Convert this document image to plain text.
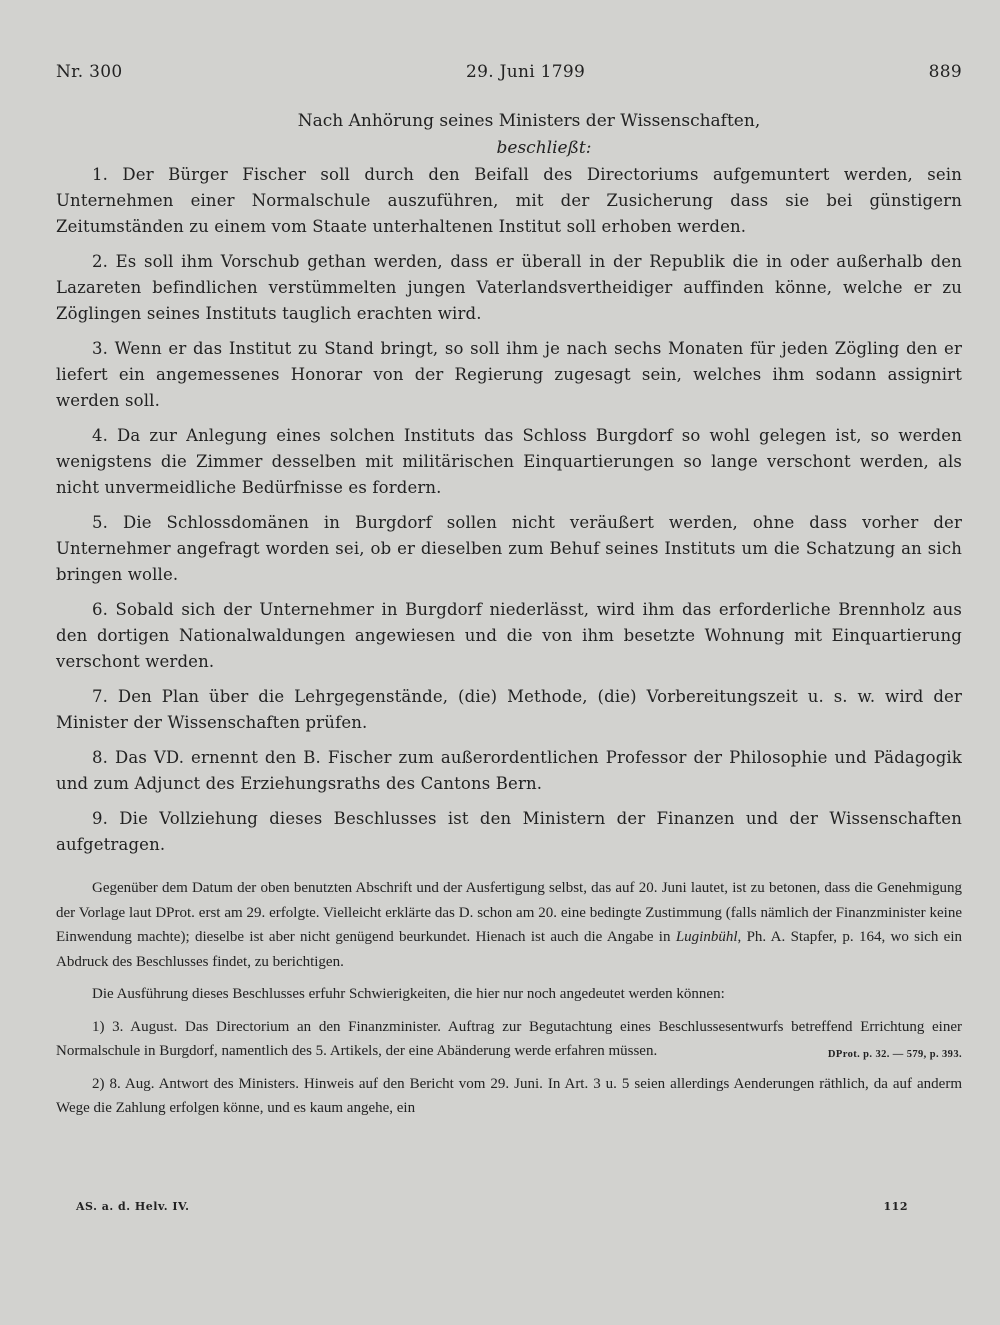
Nr. 300	29. Juni 1799	889
Nach Anhörung seines Ministers der Wissenschaften,
beschließt:

1. Der Bürger Fischer soll durch den Beifall des Directoriums aufgemuntert werden, sein Unternehmen einer Normalschule auszuführen, mit der Zusicherung dass sie bei günstigern Zeitumständen zu einem vom Staate unterhaltenen Institut soll erhoben werden.

2. Es soll ihm Vorschub gethan werden, dass er überall in der Republik die in oder außerhalb den Lazareten befindlichen verstümmelten jungen Vaterlandsvertheidiger auffinden könne, welche er zu Zöglingen seines Instituts tauglich erachten wird.

3. Wenn er das Institut zu Stand bringt, so soll ihm je nach sechs Monaten für jeden Zögling den er liefert ein angemessenes Honorar von der Regierung zugesagt sein, welches ihm sodann assignirt werden soll.

4. Da zur Anlegung eines solchen Instituts das Schloss Burgdorf so wohl gelegen ist, so werden wenigstens die Zimmer desselben mit militärischen Einquartierungen so lange verschont werden, als nicht unvermeidliche Bedürfnisse es fordern.

5. Die Schlossdomänen in Burgdorf sollen nicht veräußert werden, ohne dass vorher der Unternehmer angefragt worden sei, ob er dieselben zum Behuf seines Instituts um die Schatzung an sich bringen wolle.

6. Sobald sich der Unternehmer in Burgdorf niederlässt, wird ihm das erforderliche Brennholz aus den dortigen Nationalwaldungen angewiesen und die von ihm besetzte Wohnung mit Einquartierung verschont werden.

7. Den Plan über die Lehrgegenstände, (die) Methode, (die) Vorbereitungszeit u. s. w. wird der Minister der Wissenschaften prüfen.

8. Das VD. ernennt den B. Fischer zum außerordentlichen Professor der Philosophie und Pädagogik und zum Adjunct des Erziehungsraths des Cantons Bern.

9. Die Vollziehung dieses Beschlusses ist den Ministern der Finanzen und der Wissenschaften aufgetragen.

Gegenüber dem Datum der oben benutzten Abschrift und der Ausfertigung selbst, das auf 20. Juni lautet, ist zu betonen, dass die Genehmigung der Vorlage laut DProt. erst am 29. erfolgte. Vielleicht erklärte das D. schon am 20. eine bedingte Zustimmung (falls nämlich der Finanzminister keine Einwendung machte); dieselbe ist aber nicht genügend beurkundet. Hienach ist auch die Angabe in Luginbühl, Ph. A. Stapfer, p. 164, wo sich ein Abdruck des Beschlusses findet, zu berichtigen.

Die Ausführung dieses Beschlusses erfuhr Schwierigkeiten, die hier nur noch angedeutet werden können:

1) 3. August. Das Directorium an den Finanzminister. Auftrag zur Begutachtung eines Beschlussesentwurfs betreffend Errichtung einer Normalschule in Burgdorf, namentlich des 5. Artikels, der eine Abänderung werde erfahren müssen.	DProt. p. 32. — 579, p. 393.

2) 8. Aug. Antwort des Ministers. Hinweis auf den Bericht vom 29. Juni. In Art. 3 u. 5 seien allerdings Aenderungen räthlich, da auf anderm Wege die Zahlung erfolgen könne, und es kaum angehe, ein

AS. a. d. Helv. IV.	112
